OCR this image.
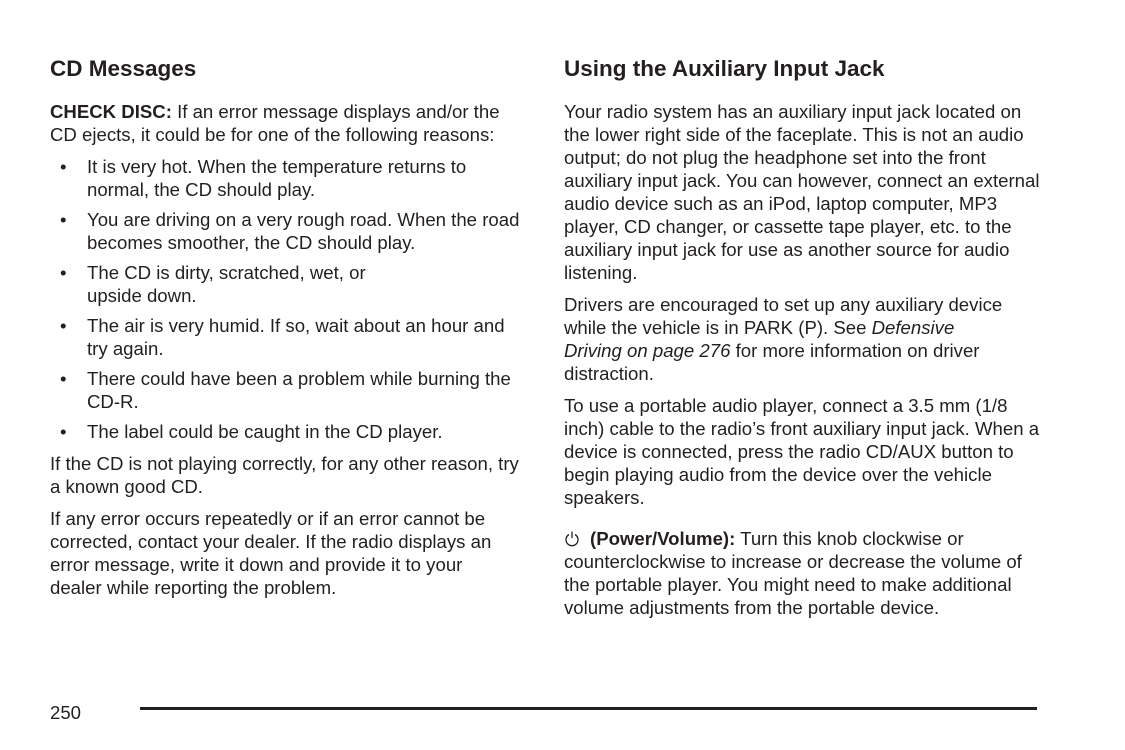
CD Messages

CHECK DISC: If an error message displays and/or the CD ejects, it could be for one of the following reasons:

• It is very hot. When the temperature returns to normal, the CD should play.
• You are driving on a very rough road. When the road becomes smoother, the CD should play.
• The CD is dirty, scratched, wet, or upside down.
• The air is very humid. If so, wait about an hour and try again.
• There could have been a problem while burning the CD-R.
• The label could be caught in the CD player.

If the CD is not playing correctly, for any other reason, try a known good CD.

If any error occurs repeatedly or if an error cannot be corrected, contact your dealer. If the radio displays an error message, write it down and provide it to your dealer while reporting the problem.

Using the Auxiliary Input Jack

Your radio system has an auxiliary input jack located on the lower right side of the faceplate. This is not an audio output; do not plug the headphone set into the front auxiliary input jack. You can however, connect an external audio device such as an iPod, laptop computer, MP3 player, CD changer, or cassette tape player, etc. to the auxiliary input jack for use as another source for audio listening.

Drivers are encouraged to set up any auxiliary device while the vehicle is in PARK (P). See Defensive Driving on page 276 for more information on driver distraction.

To use a portable audio player, connect a 3.5 mm (1/8 inch) cable to the radio’s front auxiliary input jack. When a device is connected, press the radio CD/AUX button to begin playing audio from the device over the vehicle speakers.

(Power/Volume): Turn this knob clockwise or counterclockwise to increase or decrease the volume of the portable player. You might need to make additional volume adjustments from the portable device.

250
